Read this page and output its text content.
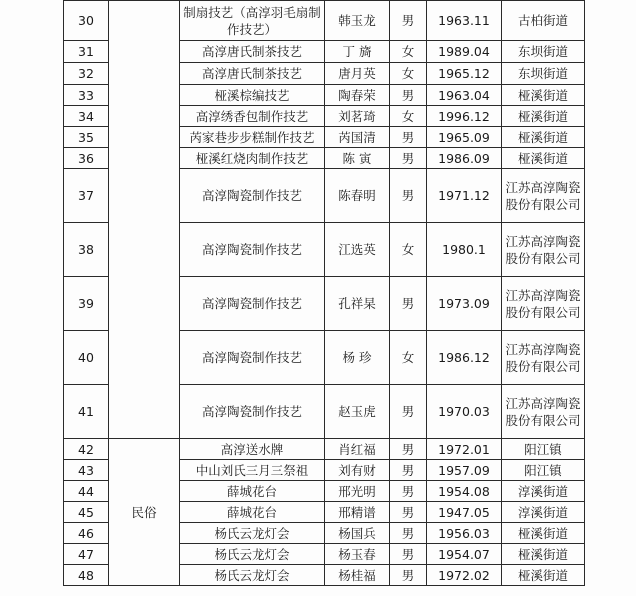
30		制扇技艺（高淳羽毛扇制作技艺）	韩玉龙	男	1963.11	古柏街道
31		高淳唐氏制茶技艺	丁 旖	女	1989.04	东坝街道
32		高淳唐氏制茶技艺	唐月英	女	1965.12	东坝街道
33		桠溪棕编技艺	陶春荣	男	1963.04	桠溪街道
34		高淳绣香包制作技艺	刘茗琦	女	1996.12	桠溪街道
35		芮家巷步步糕制作技艺	芮国清	男	1965.09	桠溪街道
36		桠溪红烧肉制作技艺	陈 寅	男	1986.09	桠溪街道
37		高淳陶瓷制作技艺	陈春明	男	1971.12	江苏高淳陶瓷股份有限公司
38		高淳陶瓷制作技艺	江选英	女	1980.1	江苏高淳陶瓷股份有限公司
39		高淳陶瓷制作技艺	孔祥杲	男	1973.09	江苏高淳陶瓷股份有限公司
40		高淳陶瓷制作技艺	杨 珍	女	1986.12	江苏高淳陶瓷股份有限公司
41		高淳陶瓷制作技艺	赵玉虎	男	1970.03	江苏高淳陶瓷股份有限公司
42	民俗	高淳送水牌	肖红福	男	1972.01	阳江镇
43		中山刘氏三月三祭祖	刘有财	男	1957.09	阳江镇
44		薛城花台	邢光明	男	1954.08	淳溪街道
45		薛城花台	邢精谱	男	1947.05	淳溪街道
46		杨氏云龙灯会	杨国兵	男	1956.03	桠溪街道
47		杨氏云龙灯会	杨玉春	男	1954.07	桠溪街道
48		杨氏云龙灯会	杨桂福	男	1972.02	桠溪街道
